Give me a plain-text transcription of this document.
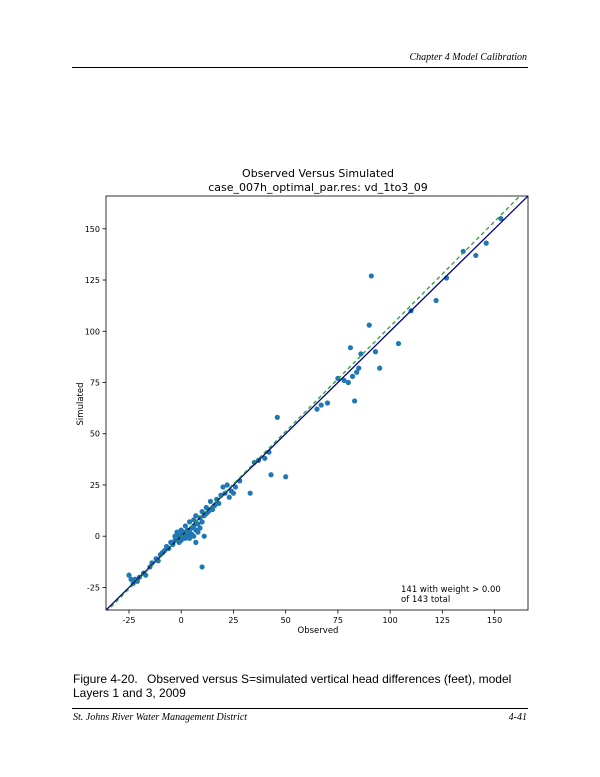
Chapter 4 Model Calibration
Observed Versus Simulated
case_007h_optimal_par.res: vd_1to3_09
-25	0	25	50	75	100	125	150
-25
0
25
50
75
100
125
150
Observed
Simulated
141 with weight > 0.00
of 143 total
Figure 4-20. Observed versus S=simulated vertical head differences (feet), model Layers 1 and 3, 2009
St. Johns River Water Management District	4-41
